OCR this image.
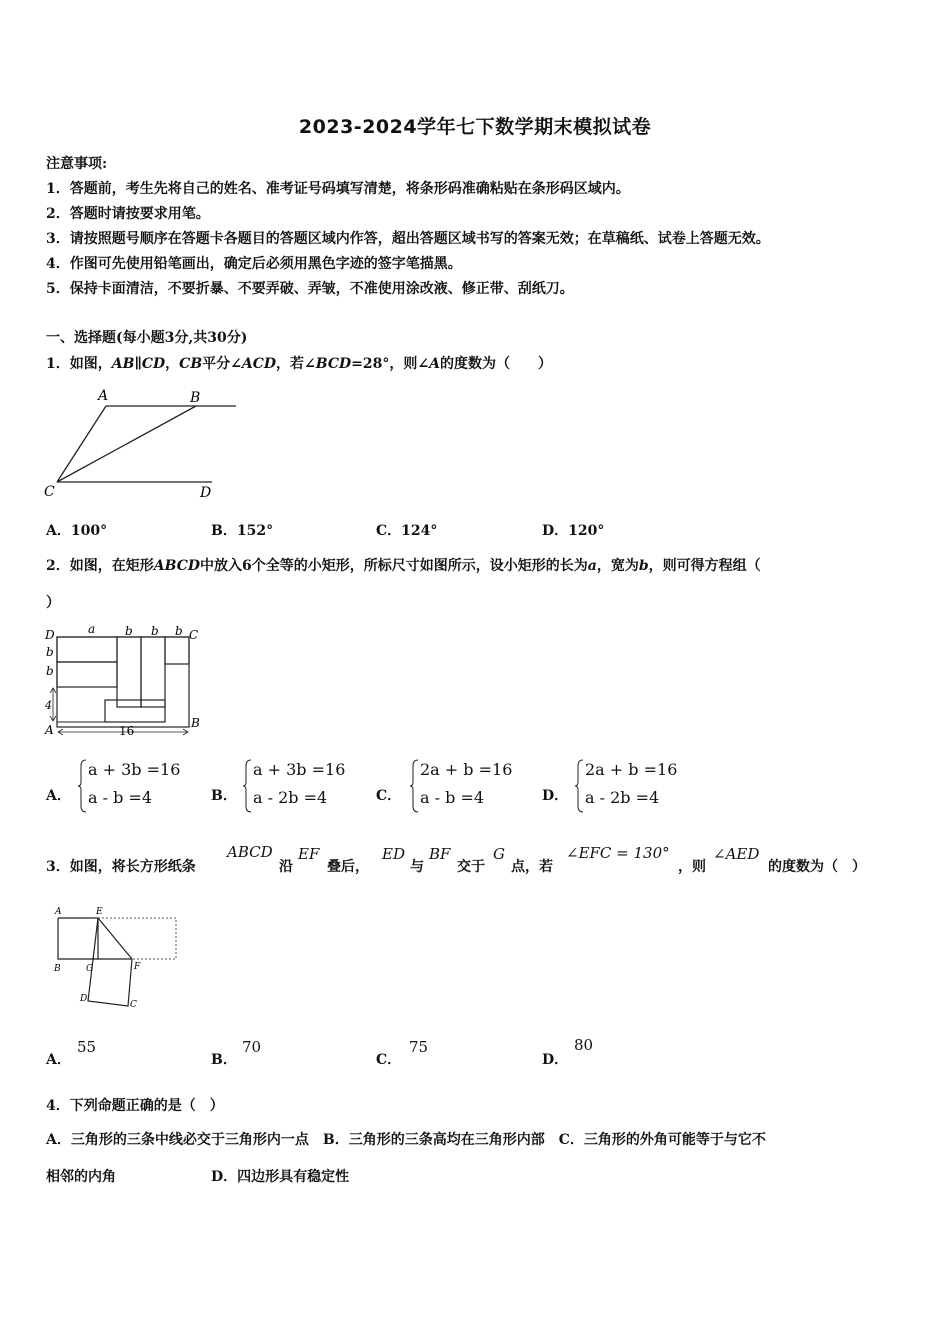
2023-2024学年七下数学期末模拟试卷
注意事项:
1．答题前，考生先将自己的姓名、准考证号码填写清楚，将条形码准确粘贴在条形码区域内。
2．答题时请按要求用笔。
3．请按照题号顺序在答题卡各题目的答题区域内作答，超出答题区域书写的答案无效；在草稿纸、试卷上答题无效。
4．作图可先使用铅笔画出，确定后必须用黑色字迹的签字笔描黑。
5．保持卡面清洁，不要折暴、不要弄破、弄皱，不准使用涂改液、修正带、刮纸刀。
一、选择题(每小题3分,共30分)
1．如图，AB∥CD，CB平分∠ACD，若∠BCD=28°，则∠A的度数为（　　）
A	B
C	D
A．100°	B．152°	C．124°	D．120°
2．如图，在矩形ABCD中放入6个全等的小矩形，所标尺寸如图所示，设小矩形的长为a，宽为b，则可得方程组（
）
D	C
A	B
a b b b
b
b
4
16
A．
a + 3b =16
a - b =4	B．
a + 3b =16
a - 2b =4	C．
2a + b =16
a - b =4	D．
2a + b =16
a - 2b =4
3．如图，将长方形纸条
ABCD
沿
EF
叠后，
ED
与
BF
交于
G
点，若
∠EFC = 130°
，则
∠AED
的度数为（　）
A	E
B	G	F
D
C
A．
55
B．
70
C．
75
D．
80
4．下列命题正确的是（　）
A．三角形的三条中线必交于三角形内一点　B．三角形的三条高均在三角形内部　C．三角形的外角可能等于与它不
相邻的内角	D．四边形具有稳定性
